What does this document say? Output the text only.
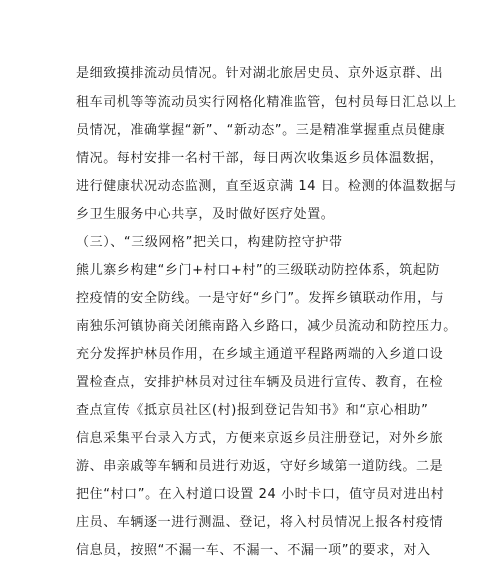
是细致摸排流动员情况。针对湖北旅居史员、京外返京群、出
租车司机等等流动员实行网格化精准监管，包村员每日汇总以上
员情况，准确掌握“新”、“新动态”。三是精准掌握重点员健康
情况。每村安排一名村干部，每日两次收集返乡员体温数据，
进行健康状况动态监测，直至返京满 14 日。检测的体温数据与
乡卫生服务中心共享，及时做好医疗处置。
（三）、“三级网格”把关口，构建防控守护带
熊儿寨乡构建“乡门+村口+村”的三级联动防控体系，筑起防
控疫情的安全防线。一是守好“乡门”。发挥乡镇联动作用，与
南独乐河镇协商关闭熊南路入乡路口，减少员流动和防控压力。
充分发挥护林员作用，在乡域主通道平程路两端的入乡道口设
置检查点，安排护林员对过往车辆及员进行宣传、教育，在检
查点宣传《抵京员社区(村)报到登记告知书》和“京心相助”
信息采集平台录入方式，方便来京返乡员注册登记，对外乡旅
游、串亲戚等车辆和员进行劝返，守好乡域第一道防线。二是
把住“村口”。在入村道口设置 24 小时卡口，值守员对进出村
庄员、车辆逐一进行测温、登记，将入村员情况上报各村疫情
信息员，按照“不漏一车、不漏一、不漏一项”的要求，对入
